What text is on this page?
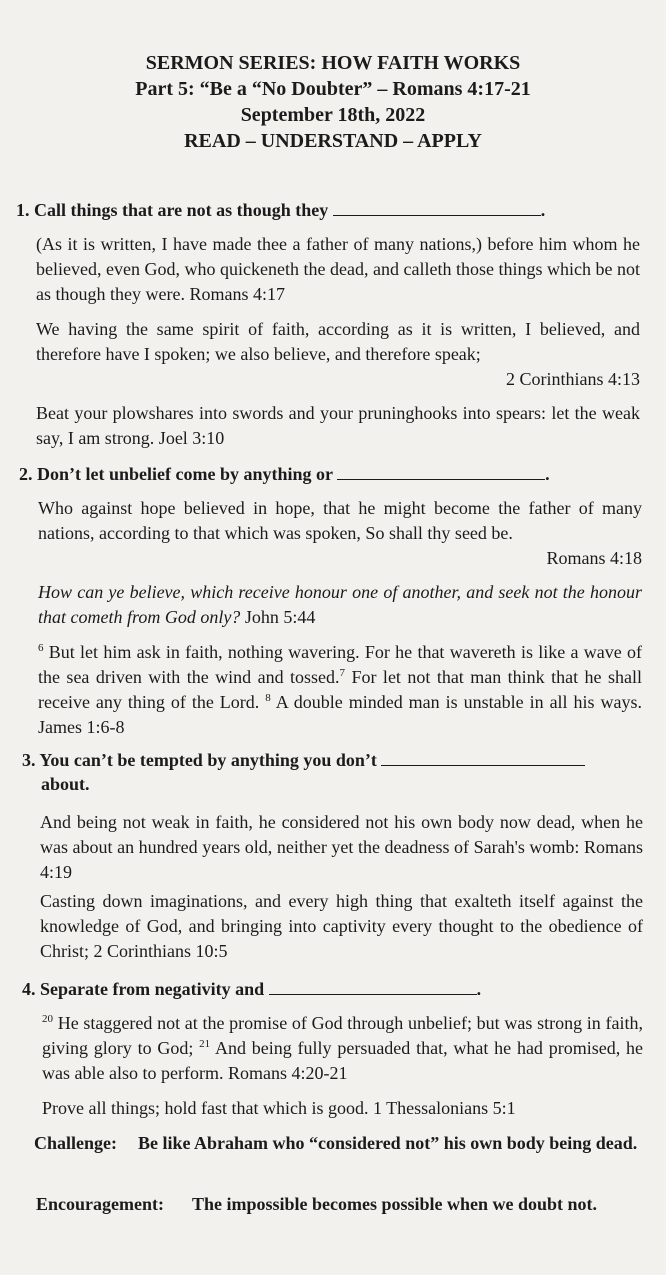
SERMON SERIES: HOW FAITH WORKS
Part 5: “Be a “No Doubter” – Romans 4:17-21
September 18th, 2022
READ – UNDERSTAND – APPLY
1. Call things that are not as though they	.
(As it is written, I have made thee a father of many nations,) before him whom he believed, even God, who quickeneth the dead, and calleth those things which be not as though they were. Romans 4:17
We having the same spirit of faith, according as it is written, I believed, and therefore have I spoken; we also believe, and therefore speak;
2 Corinthians 4:13
Beat your plowshares into swords and your pruninghooks into spears: let the weak say, I am strong. Joel 3:10
2. Don’t let unbelief come by anything or	.
Who against hope believed in hope, that he might become the father of many nations, according to that which was spoken, So shall thy seed be.
Romans 4:18
How can ye believe, which receive honour one of another, and seek not the honour that cometh from God only? John 5:44
$^6$ But let him ask in faith, nothing wavering. For he that wavereth is like a wave of the sea driven with the wind and tossed.$^7$ For let not that man think that he shall receive any thing of the Lord. $^8$ A double minded man is unstable in all his ways. James 1:6-8
3. You can’t be tempted by anything you don’t
about.
And being not weak in faith, he considered not his own body now dead, when he was about an hundred years old, neither yet the deadness of Sarah's womb: Romans 4:19
Casting down imaginations, and every high thing that exalteth itself against the knowledge of God, and bringing into captivity every thought to the obedience of Christ; 2 Corinthians 10:5
4. Separate from negativity and	.
$^{20}$ He staggered not at the promise of God through unbelief; but was strong in faith, giving glory to God; $^{21}$ And being fully persuaded that, what he had promised, he was able also to perform. Romans 4:20-21
Prove all things; hold fast that which is good. 1 Thessalonians 5:1
Challenge: Be like Abraham who “considered not” his own body being dead.
Encouragement: The impossible becomes possible when we doubt not.
